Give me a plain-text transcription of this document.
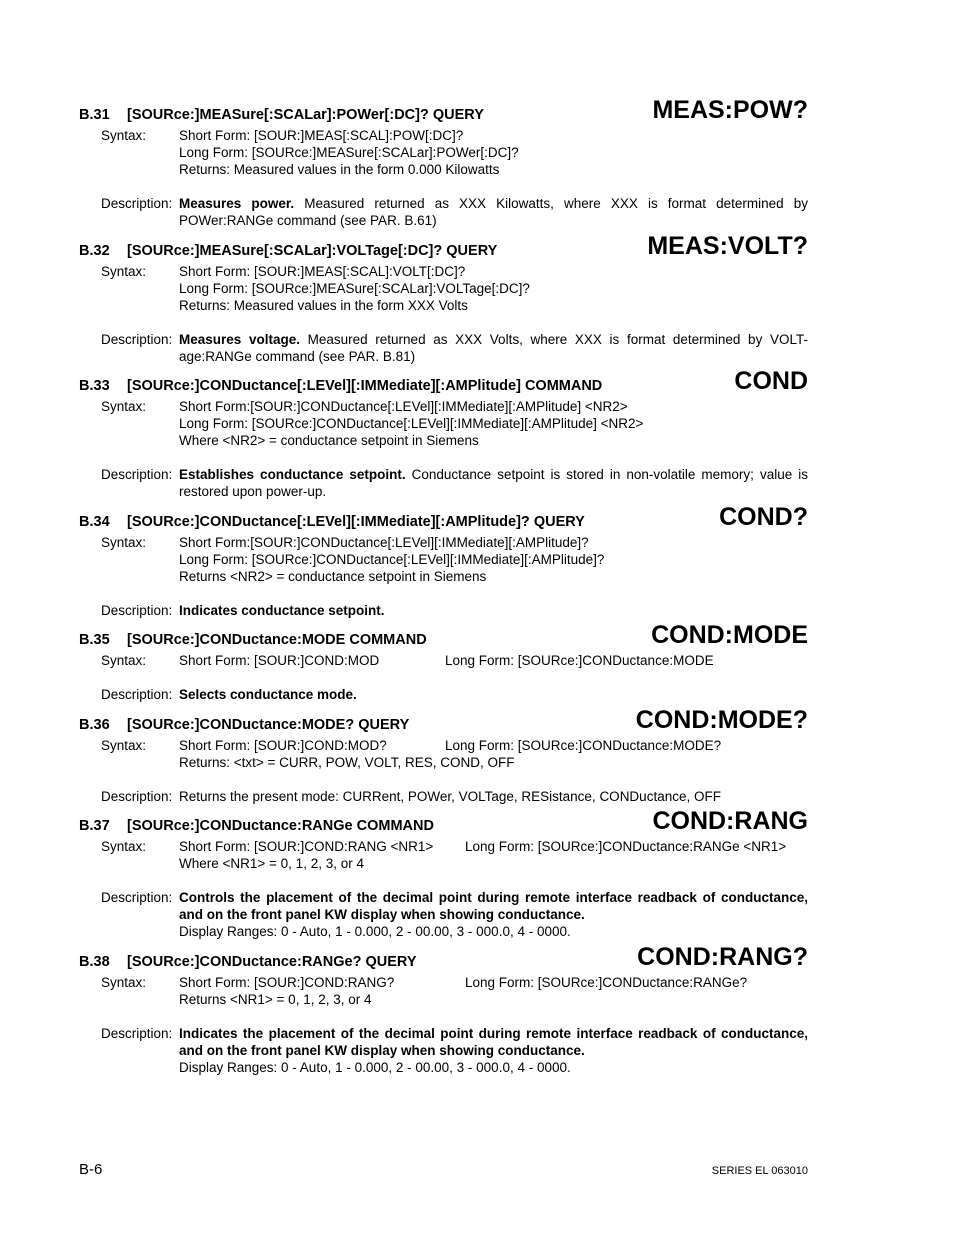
B.31 [SOURce:]MEASure[:SCALar]:POWer[:DC]? QUERY	MEAS:POW?
Syntax: Short Form: [SOUR:]MEAS[:SCAL]:POW[:DC]?
Long Form: [SOURce:]MEASure[:SCALar]:POWer[:DC]?
Returns: Measured values in the form 0.000 Kilowatts
Description: Measures power. Measured returned as XXX Kilowatts, where XXX is format determined by POWer:RANGe command (see PAR. B.61)
B.32 [SOURce:]MEASure[:SCALar]:VOLTage[:DC]? QUERY	MEAS:VOLT?
Syntax: Short Form: [SOUR:]MEAS[:SCAL]:VOLT[:DC]?
Long Form: [SOURce:]MEASure[:SCALar]:VOLTage[:DC]?
Returns: Measured values in the form XXX Volts
Description: Measures voltage. Measured returned as XXX Volts, where XXX is format determined by VOLT-age:RANGe command (see PAR. B.81)
B.33 [SOURce:]CONDuctance[:LEVel][:IMMediate][:AMPlitude] COMMAND	COND
Syntax: Short Form:[SOUR:]CONDuctance[:LEVel][:IMMediate][:AMPlitude] <NR2>
Long Form: [SOURce:]CONDuctance[:LEVel][:IMMediate][:AMPlitude] <NR2>
Where <NR2> = conductance setpoint in Siemens
Description: Establishes conductance setpoint. Conductance setpoint is stored in non-volatile memory; value is restored upon power-up.
B.34 [SOURce:]CONDuctance[:LEVel][:IMMediate][:AMPlitude]? QUERY	COND?
Syntax: Short Form:[SOUR:]CONDuctance[:LEVel][:IMMediate][:AMPlitude]?
Long Form: [SOURce:]CONDuctance[:LEVel][:IMMediate][:AMPlitude]?
Returns <NR2> = conductance setpoint in Siemens
Description: Indicates conductance setpoint.
B.35 [SOURce:]CONDuctance:MODE COMMAND	COND:MODE
Syntax: Short Form: [SOUR:]COND:MOD	Long Form: [SOURce:]CONDuctance:MODE
Description: Selects conductance mode.
B.36 [SOURce:]CONDuctance:MODE? QUERY	COND:MODE?
Syntax: Short Form: [SOUR:]COND:MOD?	Long Form: [SOURce:]CONDuctance:MODE?
Returns: <txt> = CURR, POW, VOLT, RES, COND, OFF
Description: Returns the present mode: CURRent, POWer, VOLTage, RESistance, CONDuctance, OFF
B.37 [SOURce:]CONDuctance:RANGe COMMAND	COND:RANG
Syntax: Short Form: [SOUR:]COND:RANG <NR1>	Long Form: [SOURce:]CONDuctance:RANGe <NR1>
Where <NR1> = 0, 1, 2, 3, or 4
Description: Controls the placement of the decimal point during remote interface readback of conductance, and on the front panel KW display when showing conductance.
Display Ranges: 0 - Auto, 1 - 0.000, 2 - 00.00, 3 - 000.0, 4 - 0000.
B.38 [SOURce:]CONDuctance:RANGe? QUERY	COND:RANG?
Syntax: Short Form: [SOUR:]COND:RANG?	Long Form: [SOURce:]CONDuctance:RANGe?
Returns <NR1> = 0, 1, 2, 3, or 4
Description: Indicates the placement of the decimal point during remote interface readback of conductance, and on the front panel KW display when showing conductance.
Display Ranges: 0 - Auto, 1 - 0.000, 2 - 00.00, 3 - 000.0, 4 - 0000.
B-6	SERIES EL 063010
